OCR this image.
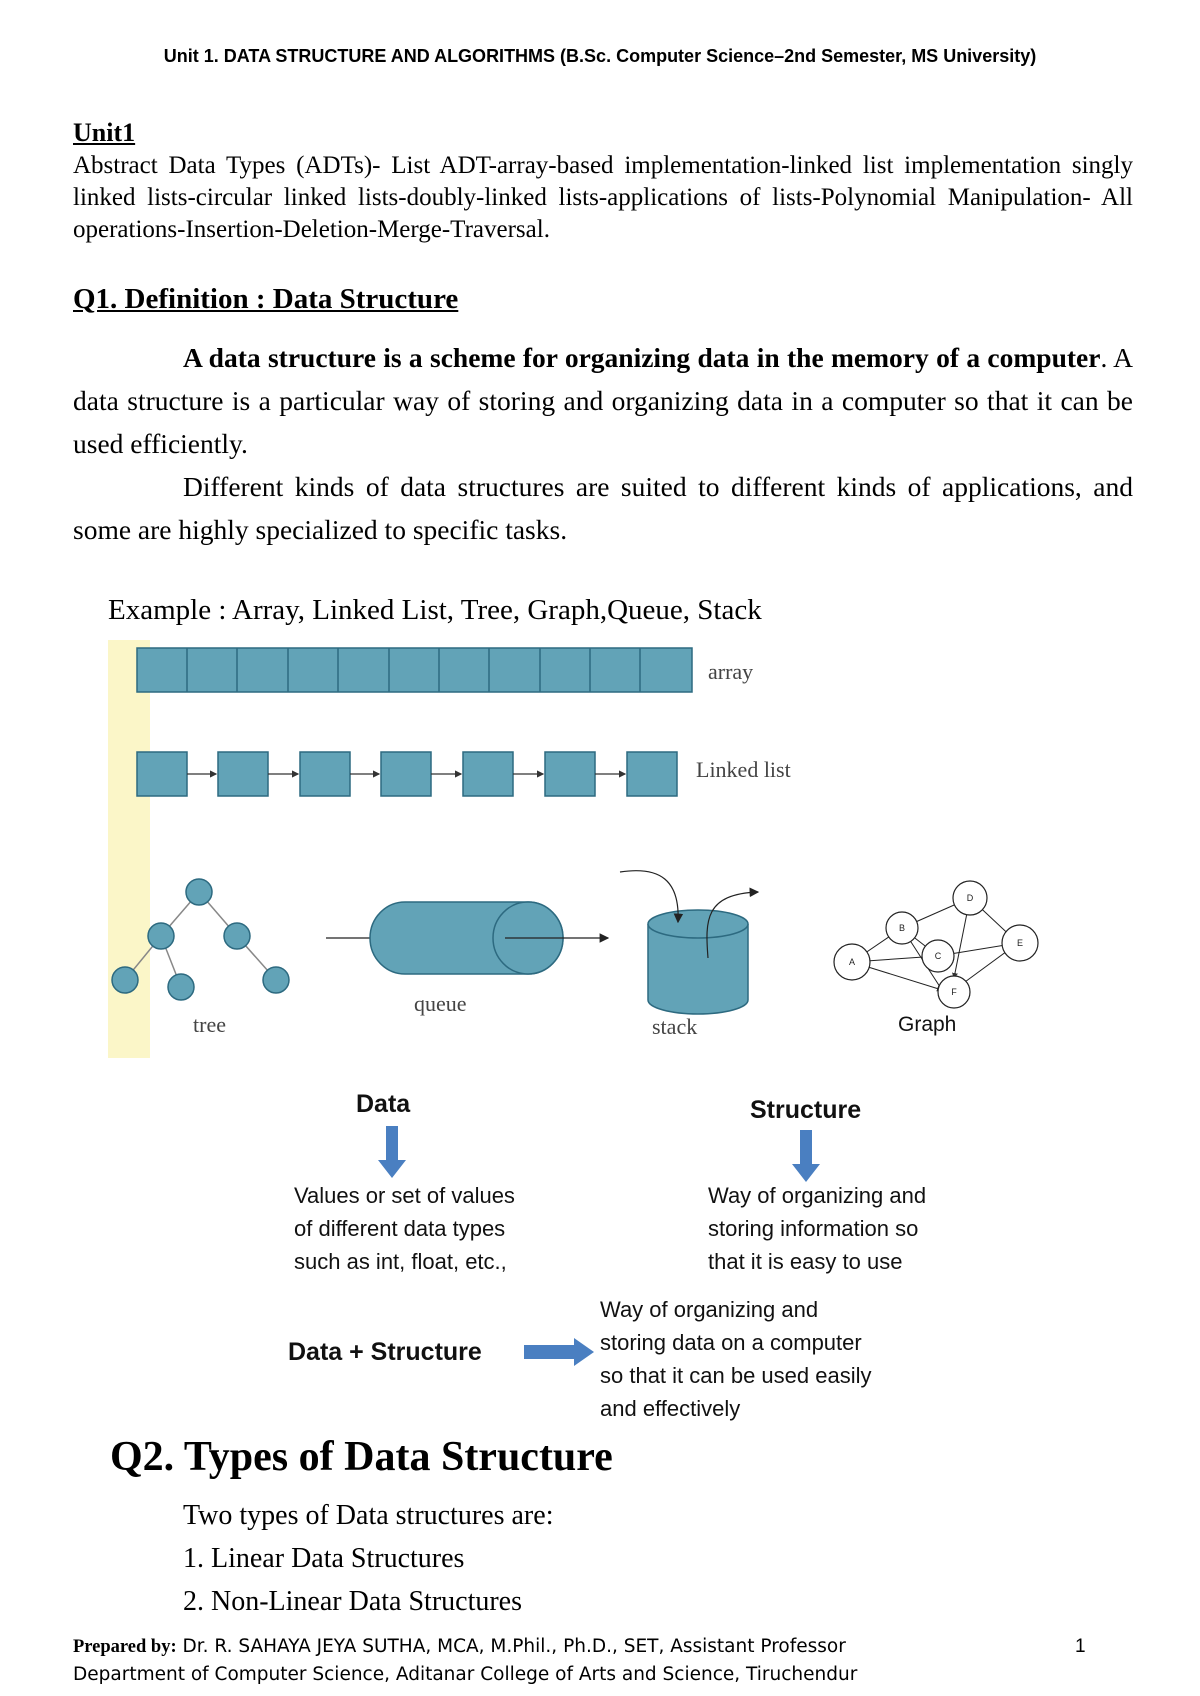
Unit 1. DATA STRUCTURE AND ALGORITHMS (B.Sc. Computer Science–2nd Semester, MS University)
Unit1
Abstract Data Types (ADTs)- List ADT-array-based implementation-linked list implementation singly linked lists-circular linked lists-doubly-linked lists-applications of lists-Polynomial Manipulation- All operations-Insertion-Deletion-Merge-Traversal.
Q1. Definition : Data Structure
A data structure is a scheme for organizing data in the memory of a computer. A data structure is a particular way of storing and organizing data in a computer so that it can be used efficiently.
Different kinds of data structures are suited to different kinds of applications, and some are highly specialized to specific tasks.
Example : Array, Linked List, Tree, Graph,Queue, Stack
array
Linked list
tree
queue
stack
A
B
C
D
E
F
Graph
Data
Values or set of values
of different data types
such as int, float, etc.,
Structure
Way of organizing and
storing information so
that it is easy to use
Data + Structure
Way of organizing and
storing data on a computer
so that it can be used easily
and effectively
Q2. Types of Data Structure
Two types of Data structures are:
1. Linear Data Structures
2. Non-Linear Data Structures
Prepared by: Dr. R. SAHAYA JEYA SUTHA, MCA, M.Phil., Ph.D., SET, Assistant Professor
Department of Computer Science, Aditanar College of Arts and Science, Tiruchendur
1
